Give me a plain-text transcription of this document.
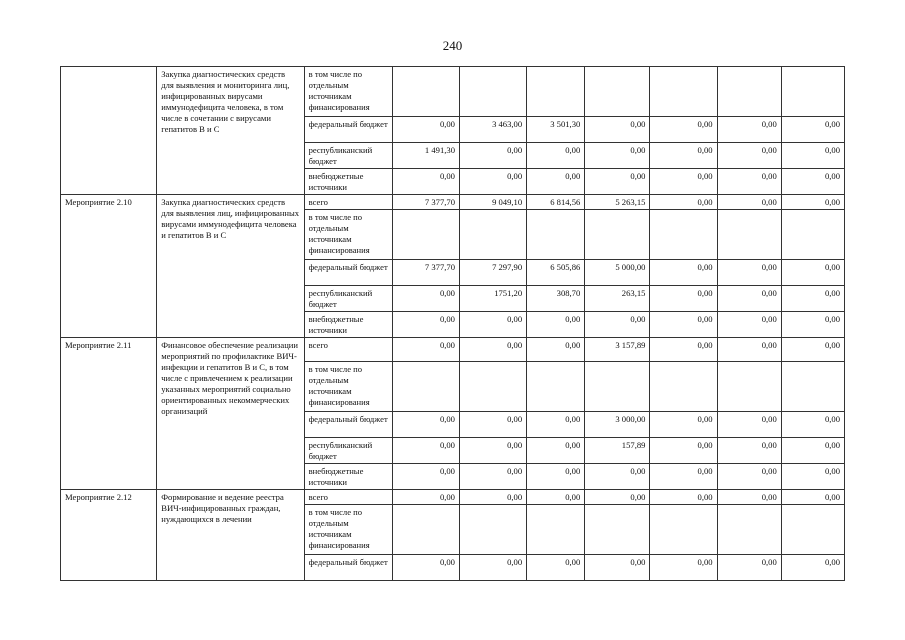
240
	Закупка диагностических средств для выявления и мониторинга лиц, инфицированных вирусами иммунодефицита человека, в том числе в сочетании с вирусами гепатитов В и С	в том числе по отдельным источникам финансирования							
		федеральный бюджет	0,00	3 463,00	3 501,30	0,00	0,00	0,00	0,00
		республиканский бюджет	1 491,30	0,00	0,00	0,00	0,00	0,00	0,00
		внебюджетные источники	0,00	0,00	0,00	0,00	0,00	0,00	0,00
Мероприятие 2.10	Закупка диагностических средств для выявления лиц, инфицированных вирусами иммунодефицита человека и гепатитов В и С	всего	7 377,70	9 049,10	6 814,56	5 263,15	0,00	0,00	0,00
		в том числе по отдельным источникам финансирования							
		федеральный бюджет	7 377,70	7 297,90	6 505,86	5 000,00	0,00	0,00	0,00
		республиканский бюджет	0,00	1751,20	308,70	263,15	0,00	0,00	0,00
		внебюджетные источники	0,00	0,00	0,00	0,00	0,00	0,00	0,00
Мероприятие 2.11	Финансовое обеспечение реализации мероприятий по профилактике ВИЧ-инфекции и гепатитов В и С, в том числе с привлечением к реализации указанных мероприятий социально ориентированных некоммерческих организаций	всего	0,00	0,00	0,00	3 157,89	0,00	0,00	0,00
		в том числе по отдельным источникам финансирования							
		федеральный бюджет	0,00	0,00	0,00	3 000,00	0,00	0,00	0,00
		республиканский бюджет	0,00	0,00	0,00	157,89	0,00	0,00	0,00
		внебюджетные источники	0,00	0,00	0,00	0,00	0,00	0,00	0,00
Мероприятие 2.12	Формирование и ведение реестра ВИЧ-инфицированных граждан, нуждающихся в лечении	всего	0,00	0,00	0,00	0,00	0,00	0,00	0,00
		в том числе по отдельным источникам финансирования							
		федеральный бюджет	0,00	0,00	0,00	0,00	0,00	0,00	0,00
